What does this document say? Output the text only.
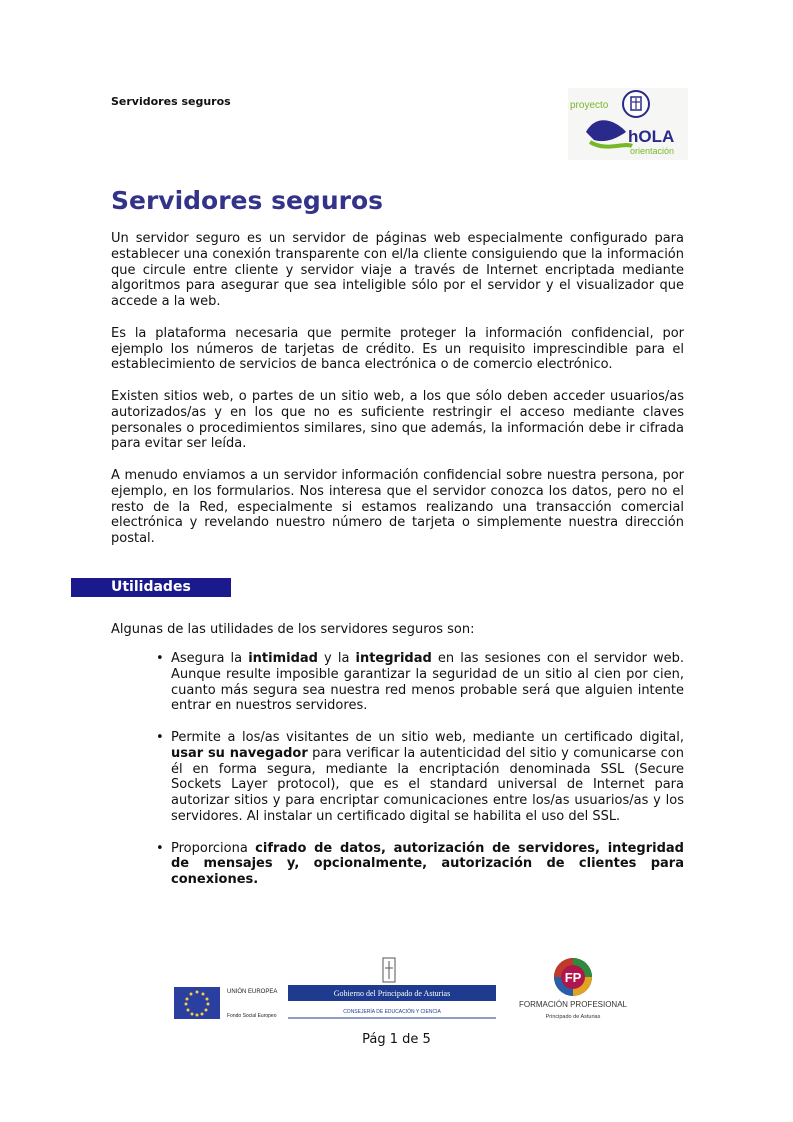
Servidores seguros	proyecto
hOLA
orientación
Servidores seguros

Un servidor seguro es un servidor de páginas web especialmente configurado para establecer una conexión transparente con el/la cliente consiguiendo que la información que circule entre cliente y servidor viaje a través de Internet encriptada mediante algoritmos para asegurar que sea inteligible sólo por el servidor y el visualizador que accede a la web.

Es la plataforma necesaria que permite proteger la información confidencial, por ejemplo los números de tarjetas de crédito. Es un requisito imprescindible para el establecimiento de servicios de banca electrónica o de comercio electrónico.

Existen sitios web, o partes de un sitio web, a los que sólo deben acceder usuarios/as autorizados/as y en los que no es suficiente restringir el acceso mediante claves personales o procedimientos similares, sino que además, la información debe ir cifrada para evitar ser leída.

A menudo enviamos a un servidor información confidencial sobre nuestra persona, por ejemplo, en los formularios. Nos interesa que el servidor conozca los datos, pero no el resto de la Red, especialmente si estamos realizando una transacción comercial electrónica y revelando nuestro número de tarjeta o simplemente nuestra dirección postal.

Utilidades
Algunas de las utilidades de los servidores seguros son:
• Asegura la intimidad y la integridad en las sesiones con el servidor web. Aunque resulte imposible garantizar la seguridad de un sitio al cien por cien, cuanto más segura sea nuestra red menos probable será que alguien intente entrar en nuestros servidores.
• Permite a los/as visitantes de un sitio web, mediante un certificado digital, usar su navegador para verificar la autenticidad del sitio y comunicarse con él en forma segura, mediante la encriptación denominada SSL (Secure Sockets Layer protocol), que es el standard universal de Internet para autorizar sitios y para encriptar comunicaciones entre los/as usuarios/as y los servidores. Al instalar un certificado digital se habilita el uso del SSL.
• Proporciona cifrado de datos, autorización de servidores, integridad de mensajes y, opcionalmente, autorización de clientes para conexiones.
UNIÓN EUROPEA
Fondo Social Europeo
Gobierno del Principado de Asturias
CONSEJERÍA DE EDUCACIÓN Y CIENCIA
FP
FORMACIÓN PROFESIONAL
Principado de Asturias
Pág 1 de 5
